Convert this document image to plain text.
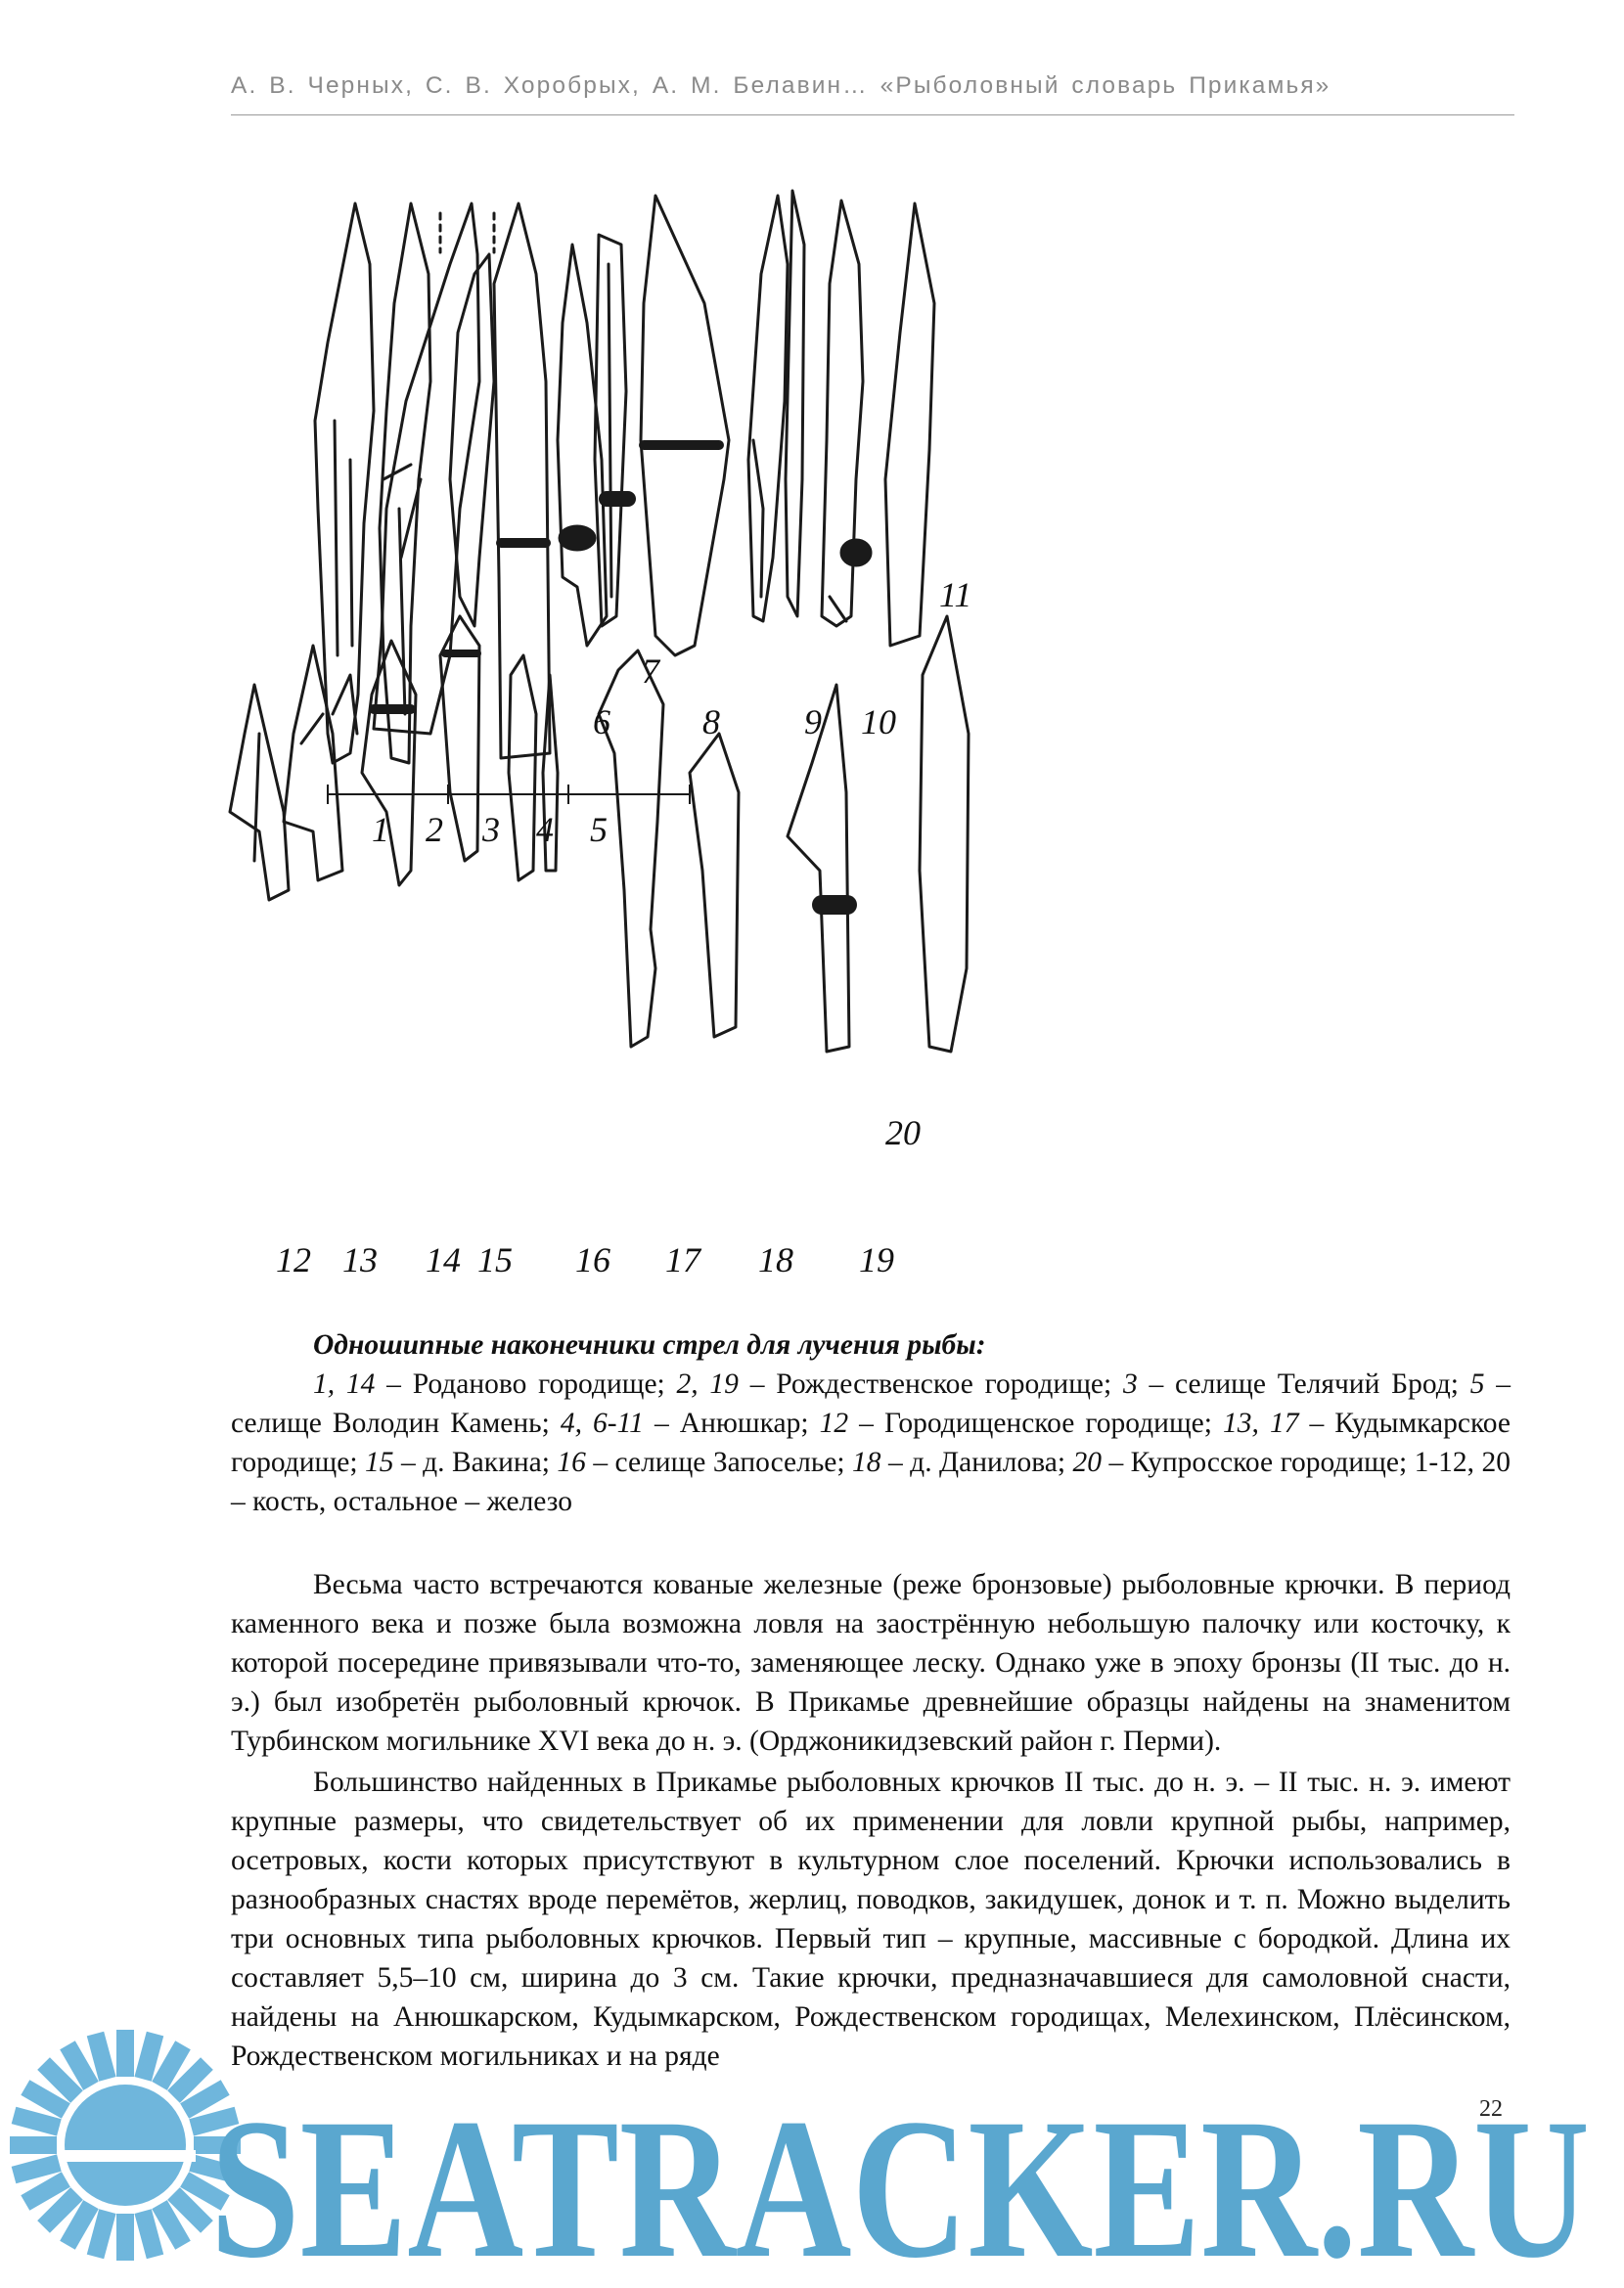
А. В. Черных, С. В. Хоробрых, А. М. Белавин… «Рыболовный словарь Прикамья»
1 2 3 4 5
6
7
8 9 10
11
12 13 14 15 16 17 18 19
20
Одношипные наконечники стрел для лучения рыбы:
1, 14 – Роданово городище; 2, 19 – Рождественское городище; 3 – селище Телячий Брод; 5 – селище Володин Камень; 4, 6-11 – Анюшкар; 12 – Городищенское городище; 13, 17 – Кудымкарское городище; 15 – д. Вакина; 16 – селище Запоселье; 18 – д. Данилова; 20 – Купросское городище; 1-12, 20 – кость, остальное – железо

Весьма часто встречаются кованые железные (реже бронзовые) рыболовные крючки. В период каменного века и позже была возможна ловля на заострённую небольшую палочку или косточку, к которой посередине привязывали что-то, заменяющее леску. Однако уже в эпоху бронзы (II тыс. до н. э.) был изобретён рыболовный крючок. В Прикамье древнейшие образцы найдены на знаменитом Турбинском могильнике XVI века до н. э. (Орджоникидзевский район г. Перми).

Большинство найденных в Прикамье рыболовных крючков II тыс. до н. э. – II тыс. н. э. имеют крупные размеры, что свидетельствует об их применении для ловли крупной рыбы, например, осетровых, кости которых присутствуют в культурном слое поселений. Крючки использовались в разнообразных снастях вроде перемётов, жерлиц, поводков, закидушек, донок и т. п. Можно выделить три основных типа рыболовных крючков. Первый тип – крупные, массивные с бородкой. Длина их составляет 5,5–10 см, ширина до 3 см. Такие крючки, предназначавшиеся для самоловной снасти, найдены на Анюшкарском, Кудымкарском, Рождественском городищах, Мелехинском, Плёсинском, Рождественском могильниках и на ряде

SEATRACKER.RU
22
